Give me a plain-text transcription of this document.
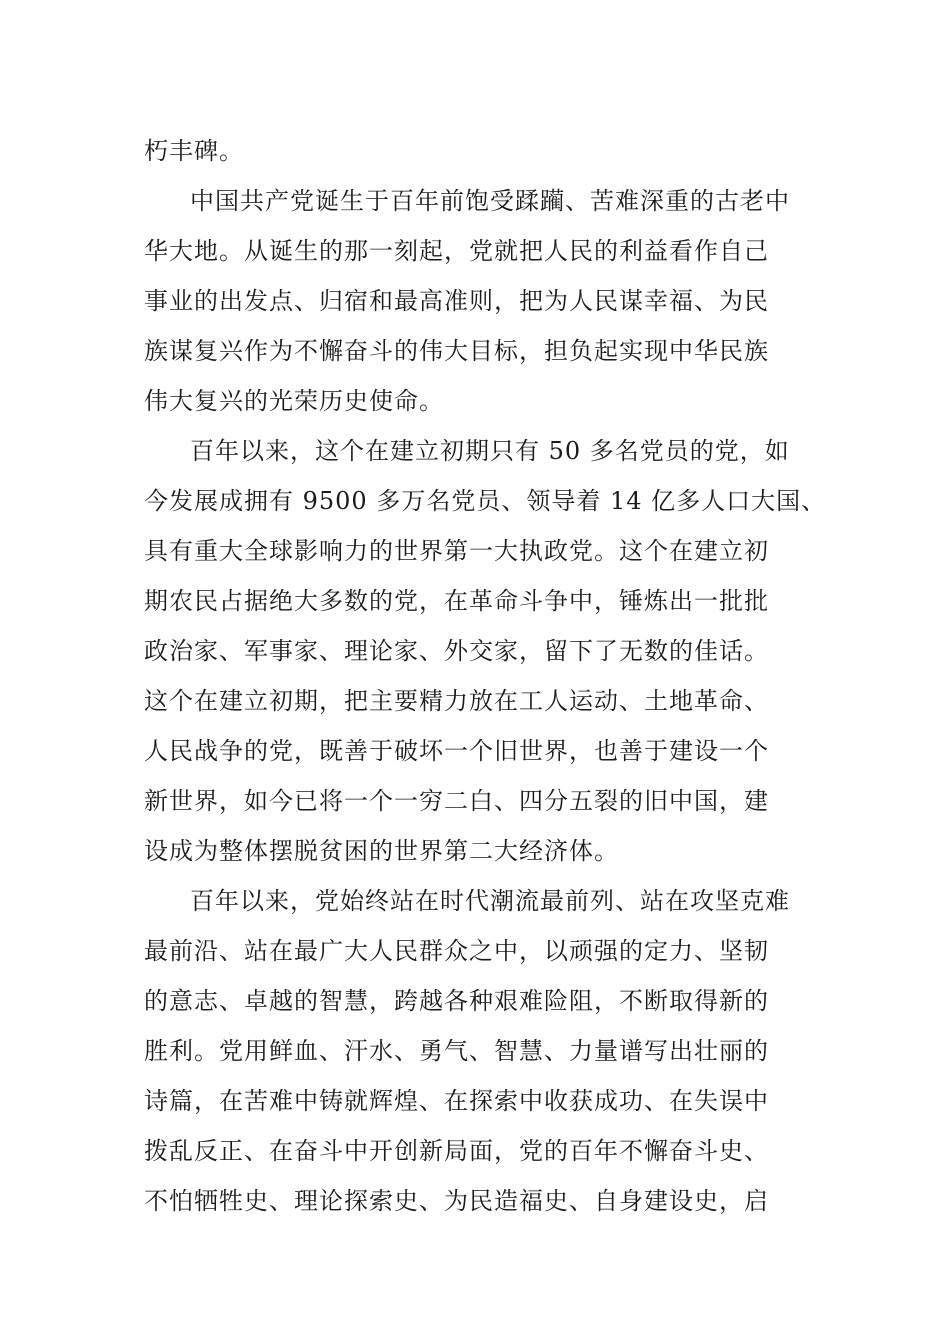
朽丰碑。
中国共产党诞生于百年前饱受蹂躏、苦难深重的古老中
华大地。从诞生的那一刻起，党就把人民的利益看作自己
事业的出发点、归宿和最高准则，把为人民谋幸福、为民
族谋复兴作为不懈奋斗的伟大目标，担负起实现中华民族
伟大复兴的光荣历史使命。
百年以来，这个在建立初期只有 50 多名党员的党，如
今发展成拥有 9500 多万名党员、领导着 14 亿多人口大国、
具有重大全球影响力的世界第一大执政党。这个在建立初
期农民占据绝大多数的党，在革命斗争中，锤炼出一批批
政治家、军事家、理论家、外交家，留下了无数的佳话。
这个在建立初期，把主要精力放在工人运动、土地革命、
人民战争的党，既善于破坏一个旧世界，也善于建设一个
新世界，如今已将一个一穷二白、四分五裂的旧中国，建
设成为整体摆脱贫困的世界第二大经济体。
百年以来，党始终站在时代潮流最前列、站在攻坚克难
最前沿、站在最广大人民群众之中，以顽强的定力、坚韧
的意志、卓越的智慧，跨越各种艰难险阻，不断取得新的
胜利。党用鲜血、汗水、勇气、智慧、力量谱写出壮丽的
诗篇，在苦难中铸就辉煌、在探索中收获成功、在失误中
拨乱反正、在奋斗中开创新局面，党的百年不懈奋斗史、
不怕牺牲史、理论探索史、为民造福史、自身建设史，启
